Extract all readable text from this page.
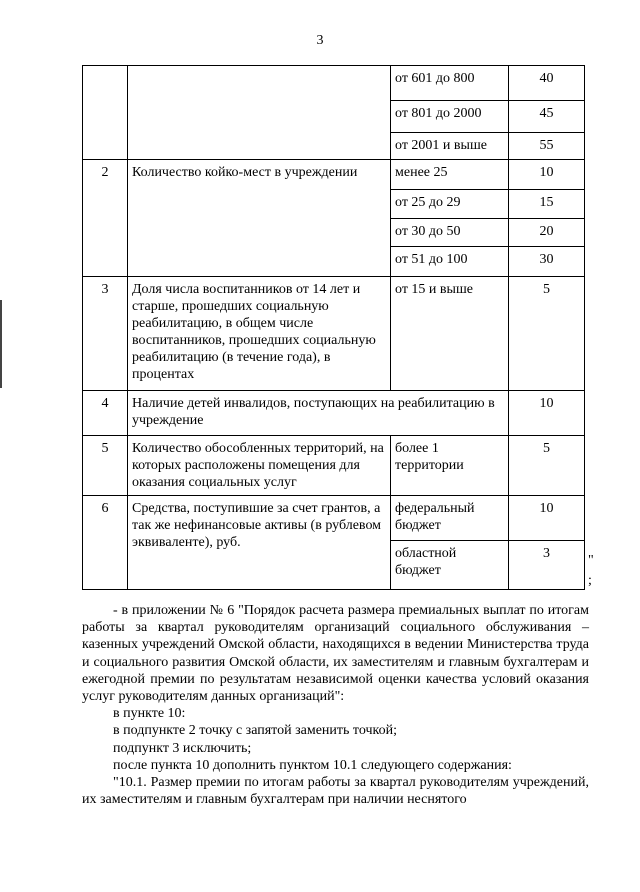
3

		от 601 до 800	40

		от 801 до 2000	45

		от 2001 и выше	55

2	Количество койко-мест в учреждении	менее 25	10

		от 25 до 29	15

		от 30 до 50	20

		от 51 до 100	30

3	Доля числа воспитанников от 14 лет и старше, прошедших социальную реабилитацию, в общем числе воспитанников, прошедших социальную реабилитацию (в течение года), в процентах	от 15 и выше	5

4	Наличие детей инвалидов, поступающих на реабилитацию в учреждение		10

5	Количество обособленных территорий, на которых расположены помещения для оказания социальных услуг	более 1 территории	5

6	Средства, поступившие за счет грантов, а так же нефинансовые активы (в рублевом эквиваленте), руб.	федеральный бюджет	10

		областной бюджет	3	"
;

- в приложении № 6 "Порядок расчета размера премиальных выплат по итогам работы за квартал руководителям организаций социального обслуживания – казенных учреждений Омской области, находящихся в ведении Министерства труда и социального развития Омской области, их заместителям и главным бухгалтерам и ежегодной премии по результатам независимой оценки качества условий оказания услуг руководителям данных организаций":

в пункте 10:

в подпункте 2 точку с запятой заменить точкой;

подпункт 3 исключить;

после пункта 10 дополнить пунктом 10.1 следующего содержания:

"10.1. Размер премии по итогам работы за квартал руководителям учреждений, их заместителям и главным бухгалтерам при наличии неснятого
